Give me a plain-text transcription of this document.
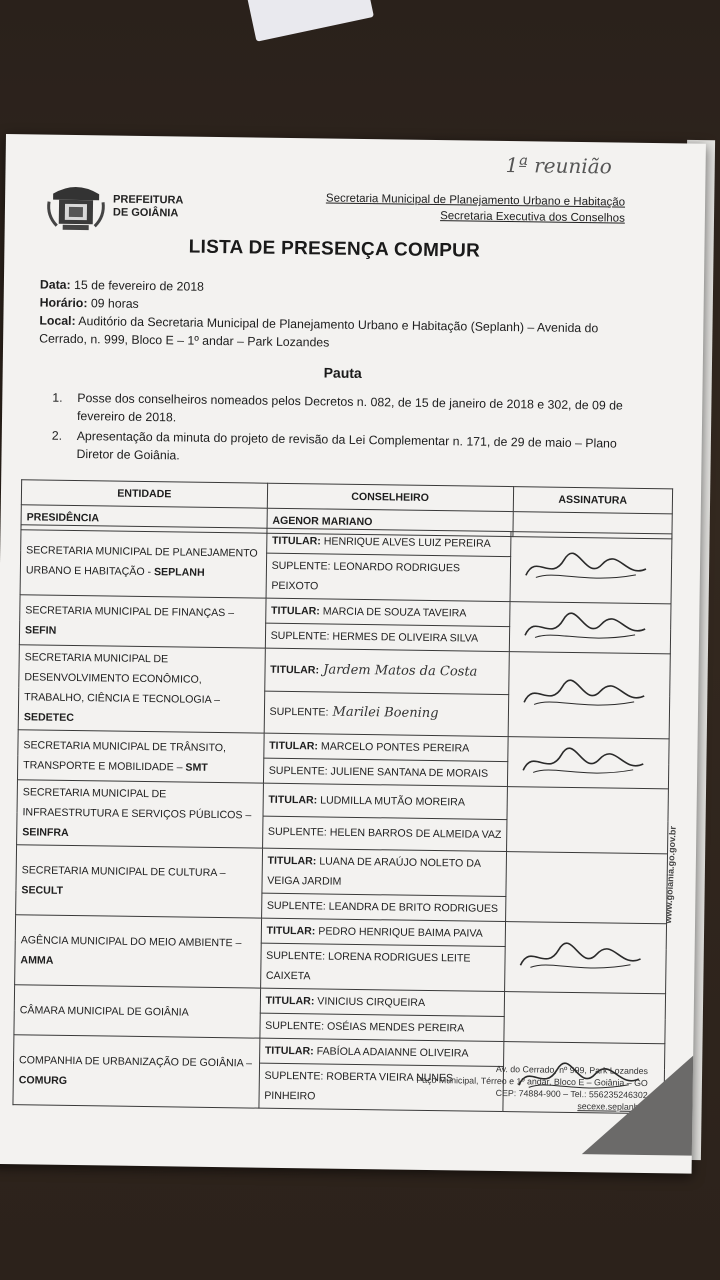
1ª reunião
PREFEITURA
DE GOIÂNIA
Secretaria Municipal de Planejamento Urbano e Habitação
Secretaria Executiva dos Conselhos
LISTA DE PRESENÇA COMPUR
Data: 15 de fevereiro de 2018
Horário: 09 horas
Local: Auditório da Secretaria Municipal de Planejamento Urbano e Habitação (Seplanh) – Avenida do Cerrado, n. 999, Bloco E – 1º andar – Park Lozandes
Pauta
1.	Posse dos conselheiros nomeados pelos Decretos n. 082, de 15 de janeiro de 2018 e 302, de 09 de fevereiro de 2018.
2.	Apresentação da minuta do projeto de revisão da Lei Complementar n. 171, de 29 de maio – Plano Diretor de Goiânia.
ENTIDADE	CONSELHEIRO	ASSINATURA
PRESIDÊNCIA	AGENOR MARIANO	
SECRETARIA MUNICIPAL DE PLANEJAMENTO URBANO E HABITAÇÃO - SEPLANH	TITULAR: HENRIQUE ALVES LUIZ PEREIRA	

	SUPLENTE: LEONARDO RODRIGUES PEIXOTO	
SECRETARIA MUNICIPAL DE FINANÇAS – SEFIN	TITULAR: MARCIA DE SOUZA TAVEIRA	

	SUPLENTE: HERMES DE OLIVEIRA SILVA	
SECRETARIA MUNICIPAL DE DESENVOLVIMENTO ECONÔMICO, TRABALHO, CIÊNCIA E TECNOLOGIA – SEDETEC	TITULAR: Jardem Matos da Costa	

	SUPLENTE: Marilei Boening	
SECRETARIA MUNICIPAL DE TRÂNSITO, TRANSPORTE E MOBILIDADE – SMT	TITULAR: MARCELO PONTES PEREIRA	

	SUPLENTE: JULIENE SANTANA DE MORAIS	
SECRETARIA MUNICIPAL DE INFRAESTRUTURA E SERVIÇOS PÚBLICOS – SEINFRA	TITULAR: LUDMILLA MUTÃO MOREIRA	
	SUPLENTE: HELEN BARROS DE ALMEIDA VAZ	
SECRETARIA MUNICIPAL DE CULTURA – SECULT	TITULAR: LUANA DE ARAÚJO NOLETO DA VEIGA JARDIM	
	SUPLENTE: LEANDRA DE BRITO RODRIGUES	
AGÊNCIA MUNICIPAL DO MEIO AMBIENTE – AMMA	TITULAR: PEDRO HENRIQUE BAIMA PAIVA	

	SUPLENTE: LORENA RODRIGUES LEITE CAIXETA	
CÂMARA MUNICIPAL DE GOIÂNIA	TITULAR: VINICIUS CIRQUEIRA	
	SUPLENTE: OSÉIAS MENDES PEREIRA	
COMPANHIA DE URBANIZAÇÃO DE GOIÂNIA – COMURG	TITULAR: FABÍOLA ADAIANNE OLIVEIRA	

	SUPLENTE: ROBERTA VIEIRA NUNES PINHEIRO	
Av. do Cerrado, nº 999, Park Lozandes
Paço Municipal, Térreo e 1º andar, Bloco E – Goiânia – GO
CEP: 74884-900 – Tel.: 556235246302
secexe.seplanh@
www.goiania.go.gov.br
